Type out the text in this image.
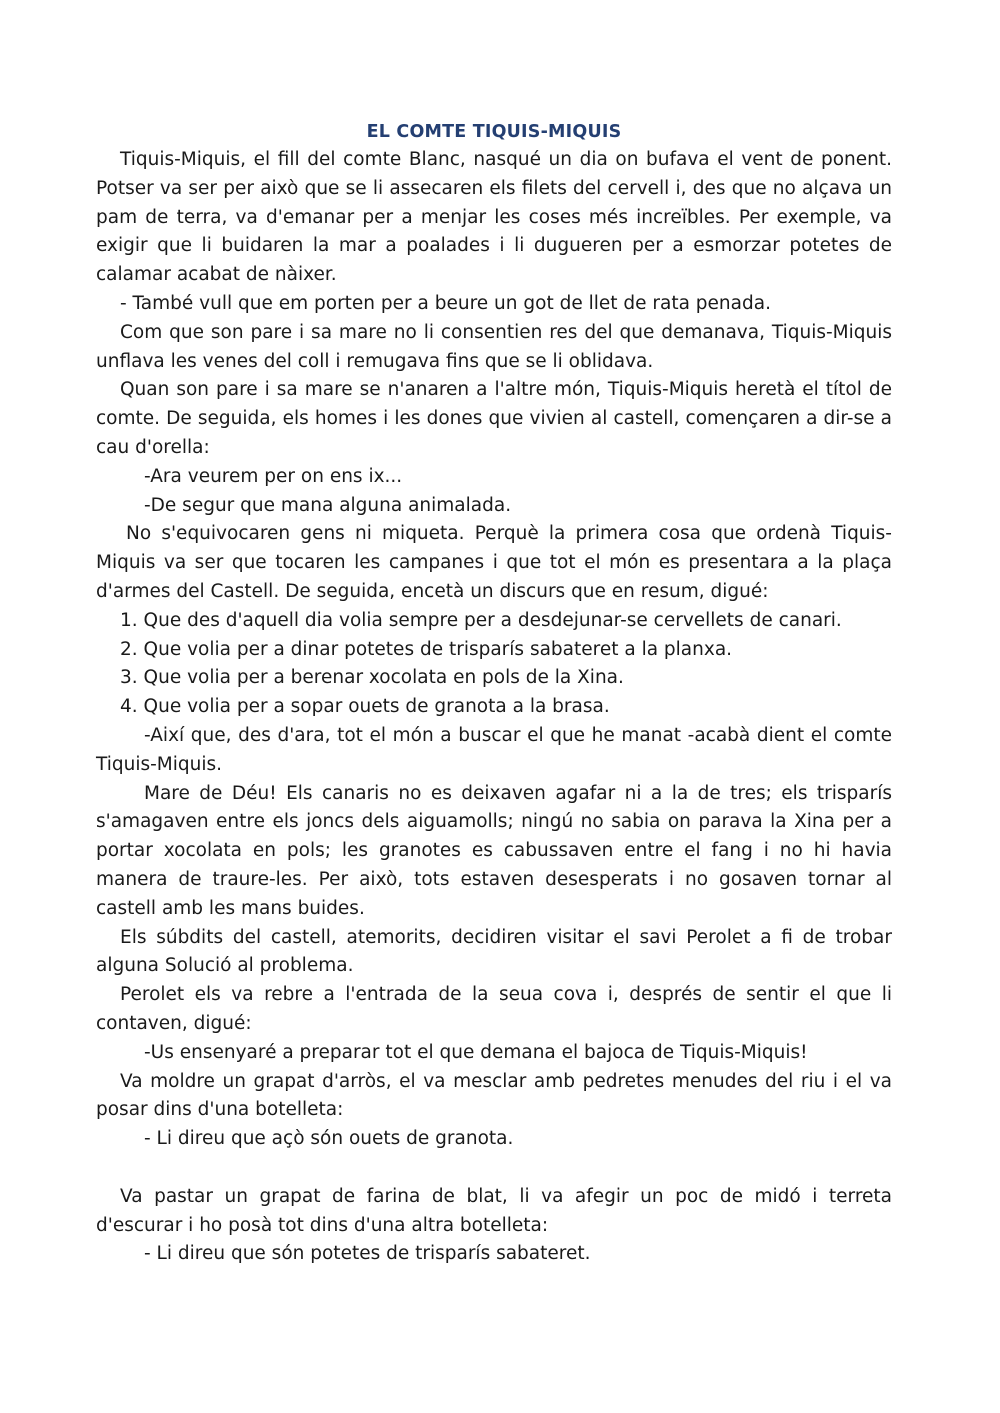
EL COMTE TIQUIS-MIQUIS

Tiquis-Miquis, el fill del comte Blanc, nasqué un dia on bufava el vent de ponent. Potser va ser per això que se li assecaren els filets del cervell i, des que no alçava un pam de terra, va d'emanar per a menjar les coses més increïbles. Per exemple, va exigir que li buidaren la mar a poalades i li dugueren per a esmorzar potetes de calamar acabat de nàixer.

- També vull que em porten per a beure un got de llet de rata penada.

Com que son pare i sa mare no li consentien res del que demanava, Tiquis-Miquis unflava les venes del coll i remugava fins que se li oblidava.

Quan son pare i sa mare se n'anaren a l'altre món, Tiquis-Miquis heretà el títol de comte. De seguida, els homes i les dones que vivien al castell, començaren a dir-se a cau d'orella:

-Ara veurem per on ens ix...

-De segur que mana alguna animalada.

No s'equivocaren gens ni miqueta. Perquè la primera cosa que ordenà Tiquis-Miquis va ser que tocaren les campanes i que tot el món es presentara a la plaça d'armes del Castell. De seguida, encetà un discurs que en resum, digué:

1. Que des d'aquell dia volia sempre per a desdejunar-se cervellets de canari.

2. Que volia per a dinar potetes de trisparís sabateret a la planxa.

3. Que volia per a berenar xocolata en pols de la Xina.

4. Que volia per a sopar ouets de granota a la brasa.

-Així que, des d'ara, tot el món a buscar el que he manat -acabà dient el comte Tiquis-Miquis.

Mare de Déu! Els canaris no es deixaven agafar ni a la de tres; els trisparís s'amagaven entre els joncs dels aiguamolls; ningú no sabia on parava la Xina per a portar xocolata en pols; les granotes es cabussaven entre el fang i no hi havia manera de traure-les. Per això, tots estaven desesperats i no gosaven tornar al castell amb les mans buides.

Els súbdits del castell, atemorits, decidiren visitar el savi Perolet a fi de trobar alguna Solució al problema.

Perolet els va rebre a l'entrada de la seua cova i, després de sentir el que li contaven, digué:

-Us ensenyaré a preparar tot el que demana el bajoca de Tiquis-Miquis!

Va moldre un grapat d'arròs, el va mesclar amb pedretes menudes del riu i el va posar dins d'una botelleta:

- Li direu que açò són ouets de granota.

Va pastar un grapat de farina de blat, li va afegir un poc de midó i terreta d'escurar i ho posà tot dins d'una altra botelleta:

- Li direu que són potetes de trisparís sabateret.
